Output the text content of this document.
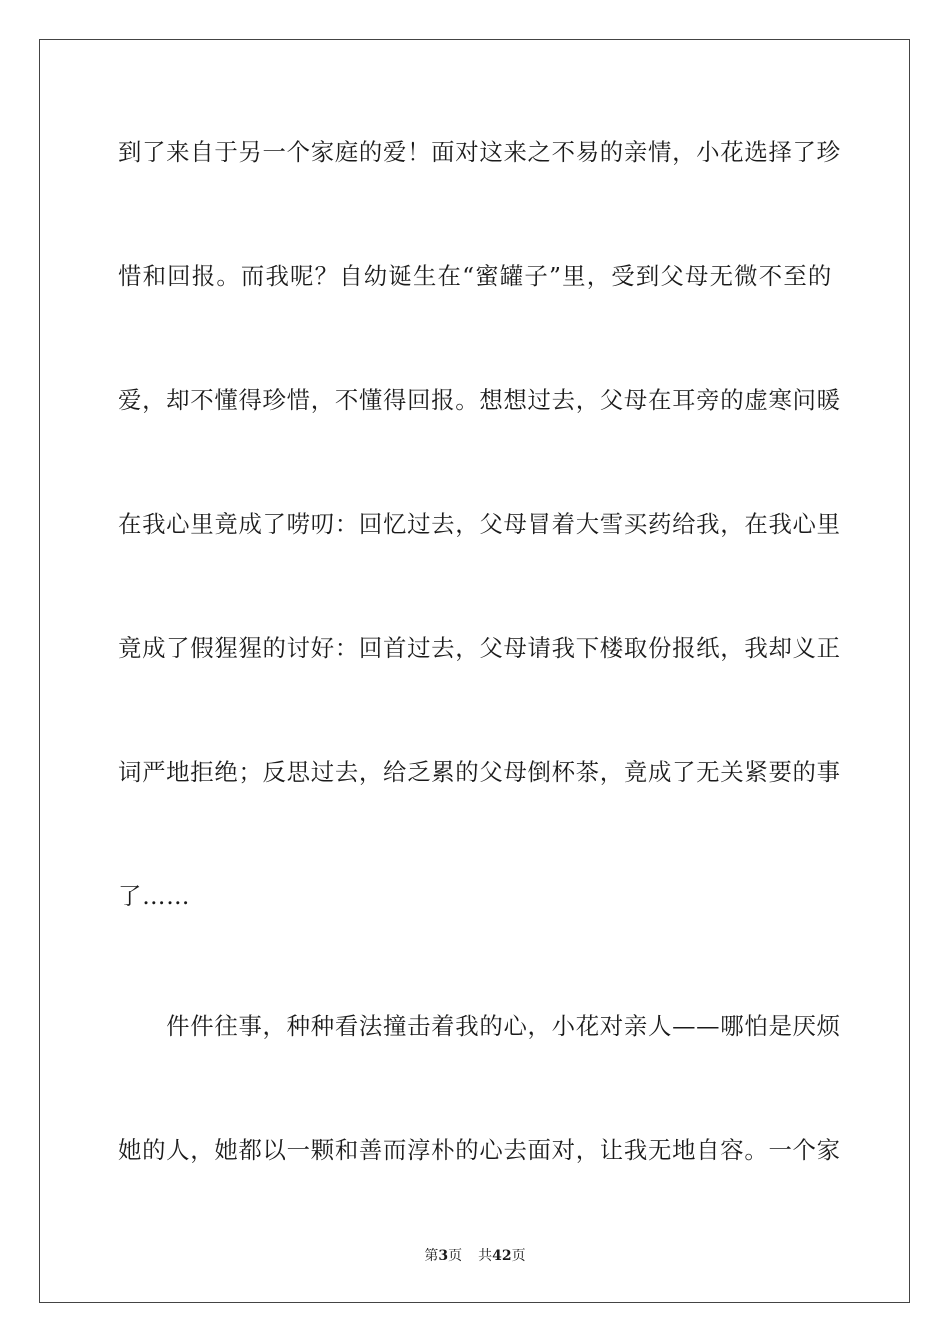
到了来自于另一个家庭的爱！面对这来之不易的亲情，小花选择了珍
惜和回报。而我呢？自幼诞生在“蜜罐子”里，受到父母无微不至的
爱，却不懂得珍惜，不懂得回报。想想过去，父母在耳旁的虚寒问暖
在我心里竟成了唠叨：回忆过去，父母冒着大雪买药给我，在我心里
竟成了假猩猩的讨好：回首过去，父母请我下楼取份报纸，我却义正
词严地拒绝；反思过去，给乏累的父母倒杯茶，竟成了无关紧要的事
了……
　　件件往事，种种看法撞击着我的心，小花对亲人——哪怕是厌烦
她的人，她都以一颗和善而淳朴的心去面对，让我无地自容。一个家
第3页 共42页
